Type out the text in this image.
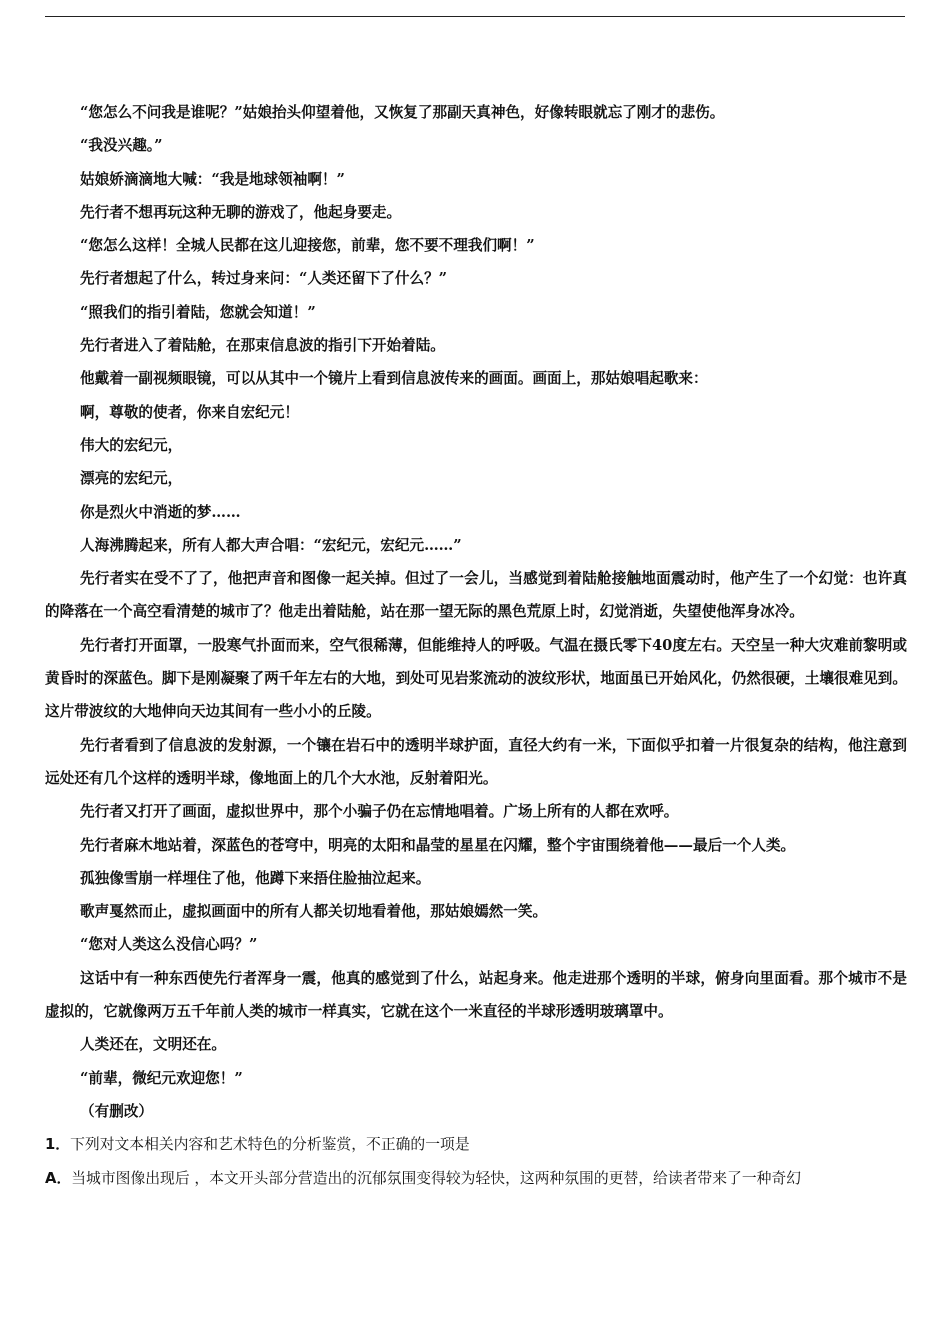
“您怎么不问我是谁呢？”姑娘抬头仰望着他，又恢复了那副天真神色，好像转眼就忘了刚才的悲伤。

“我没兴趣。”

姑娘娇滴滴地大喊：“我是地球领袖啊！”

先行者不想再玩这种无聊的游戏了，他起身要走。

“您怎么这样！全城人民都在这儿迎接您，前辈，您不要不理我们啊！”

先行者想起了什么，转过身来问：“人类还留下了什么？”

“照我们的指引着陆，您就会知道！”

先行者进入了着陆舱，在那束信息波的指引下开始着陆。

他戴着一副视频眼镜，可以从其中一个镜片上看到信息波传来的画面。画面上，那姑娘唱起歌来：

啊，尊敬的使者，你来自宏纪元！

伟大的宏纪元，

漂亮的宏纪元，

你是烈火中消逝的梦……

人海沸腾起来，所有人都大声合唱：“宏纪元，宏纪元……”

先行者实在受不了了，他把声音和图像一起关掉。但过了一会儿，当感觉到着陆舱接触地面震动时，他产生了一个幻觉：也许真的降落在一个高空看清楚的城市了？他走出着陆舱，站在那一望无际的黑色荒原上时，幻觉消逝，失望使他浑身冰冷。

先行者打开面罩，一股寒气扑面而来，空气很稀薄，但能维持人的呼吸。气温在摄氏零下40度左右。天空呈一种大灾难前黎明或黄昏时的深蓝色。脚下是刚凝聚了两千年左右的大地，到处可见岩浆流动的波纹形状，地面虽已开始风化，仍然很硬，土壤很难见到。这片带波纹的大地伸向天边其间有一些小小的丘陵。

先行者看到了信息波的发射源，一个镶在岩石中的透明半球护面，直径大约有一米，下面似乎扣着一片很复杂的结构，他注意到远处还有几个这样的透明半球，像地面上的几个大水池，反射着阳光。

先行者又打开了画面，虚拟世界中，那个小骗子仍在忘情地唱着。广场上所有的人都在欢呼。

先行者麻木地站着，深蓝色的苍穹中，明亮的太阳和晶莹的星星在闪耀，整个宇宙围绕着他——最后一个人类。

孤独像雪崩一样埋住了他，他蹲下来捂住脸抽泣起来。

歌声戛然而止，虚拟画面中的所有人都关切地看着他，那姑娘嫣然一笑。

“您对人类这么没信心吗？”

这话中有一种东西使先行者浑身一震，他真的感觉到了什么，站起身来。他走进那个透明的半球，俯身向里面看。那个城市不是虚拟的，它就像两万五千年前人类的城市一样真实，它就在这个一米直径的半球形透明玻璃罩中。

人类还在，文明还在。

“前辈，微纪元欢迎您！”

（有删改）

1．下列对文本相关内容和艺术特色的分析鉴赏，不正确的一项是

A．当城市图像出现后 ，本文开头部分营造出的沉郁氛围变得较为轻快，这两种氛围的更替，给读者带来了一种奇幻
